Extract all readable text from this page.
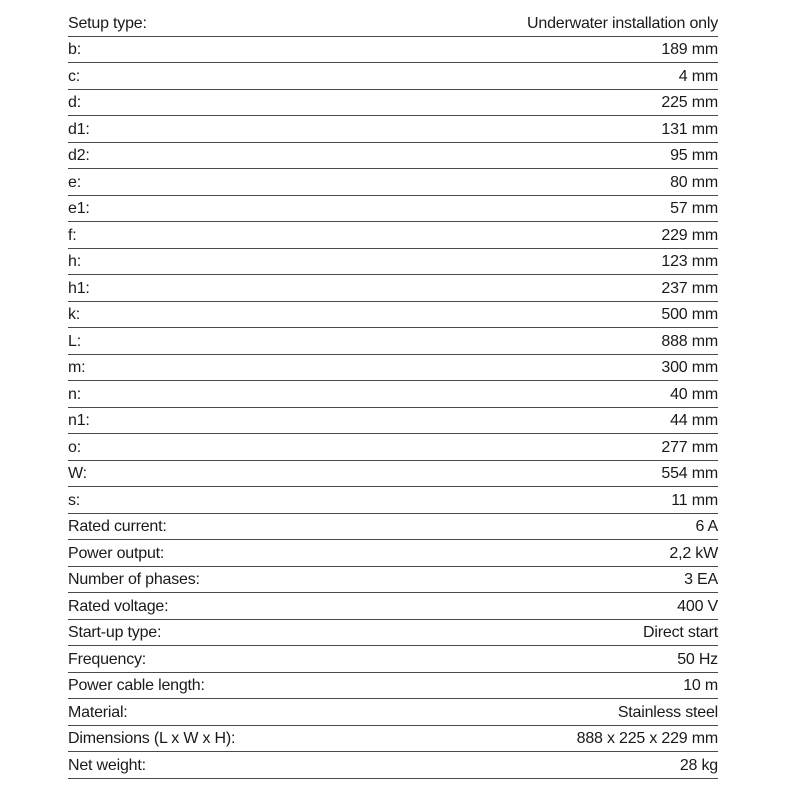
Setup type:	Underwater installation only
b:	189 mm
c:	4 mm
d:	225 mm
d1:	131 mm
d2:	95 mm
e:	80 mm
e1:	57 mm
f:	229 mm
h:	123 mm
h1:	237 mm
k:	500 mm
L:	888 mm
m:	300 mm
n:	40 mm
n1:	44 mm
o:	277 mm
W:	554 mm
s:	11 mm
Rated current:	6 A
Power output:	2,2 kW
Number of phases:	3 EA
Rated voltage:	400 V
Start-up type:	Direct start
Frequency:	50 Hz
Power cable length:	10 m
Material:	Stainless steel
Dimensions (L x W x H):	888 x 225 x 229 mm
Net weight:	28 kg
